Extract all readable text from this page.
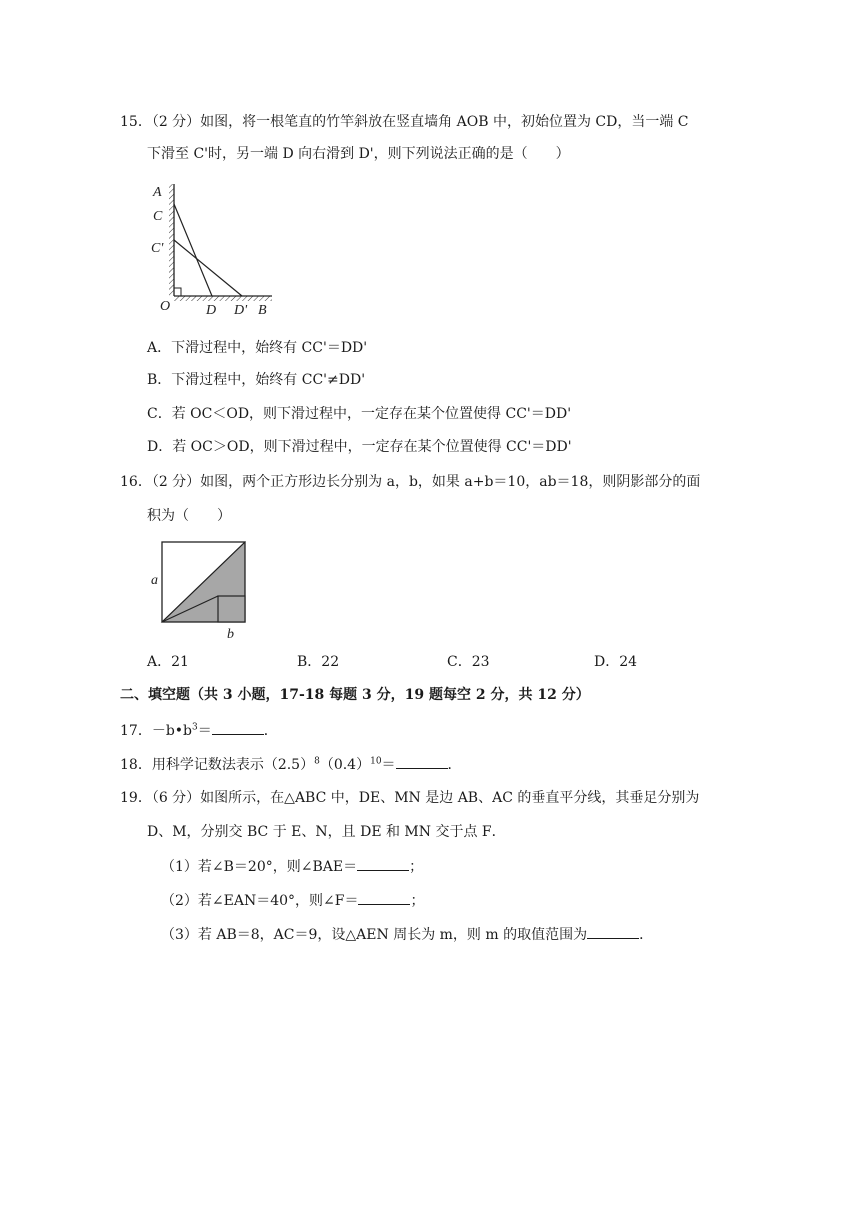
15．（2 分）如图，将一根笔直的竹竿斜放在竖直墙角 AOB 中，初始位置为 CD，当一端 C
下滑至 C'时，另一端 D 向右滑到 D'，则下列说法正确的是（　　）
A
C
C'
O	D D' B
A．下滑过程中，始终有 CC'＝DD'
B．下滑过程中，始终有 CC'≠DD'
C．若 OC＜OD，则下滑过程中，一定存在某个位置使得 CC'＝DD'
D．若 OC＞OD，则下滑过程中，一定存在某个位置使得 CC'＝DD'
16．（2 分）如图，两个正方形边长分别为 a，b，如果 a+b＝10，ab＝18，则阴影部分的面
积为（　　）
a
b
A．21	B．22	C．23	D．24
二、填空题（共 3 小题，17-18 每题 3 分，19 题每空 2 分，共 12 分）
17．$-b•b^3=$	．
18．用科学记数法表示$(2.5)^8(0.4)^{10}=$	．
19．（6 分）如图所示，在△ABC 中，DE、MN 是边 AB、AC 的垂直平分线，其垂足分别为
D、M，分别交 BC 于 E、N，且 DE 和 MN 交于点 F．
（1）若∠B＝20°，则∠BAE＝	；
（2）若∠EAN＝40°，则∠F＝	；
（3）若 AB＝8，AC＝9，设△AEN 周长为 m，则 m 的取值范围为	．
